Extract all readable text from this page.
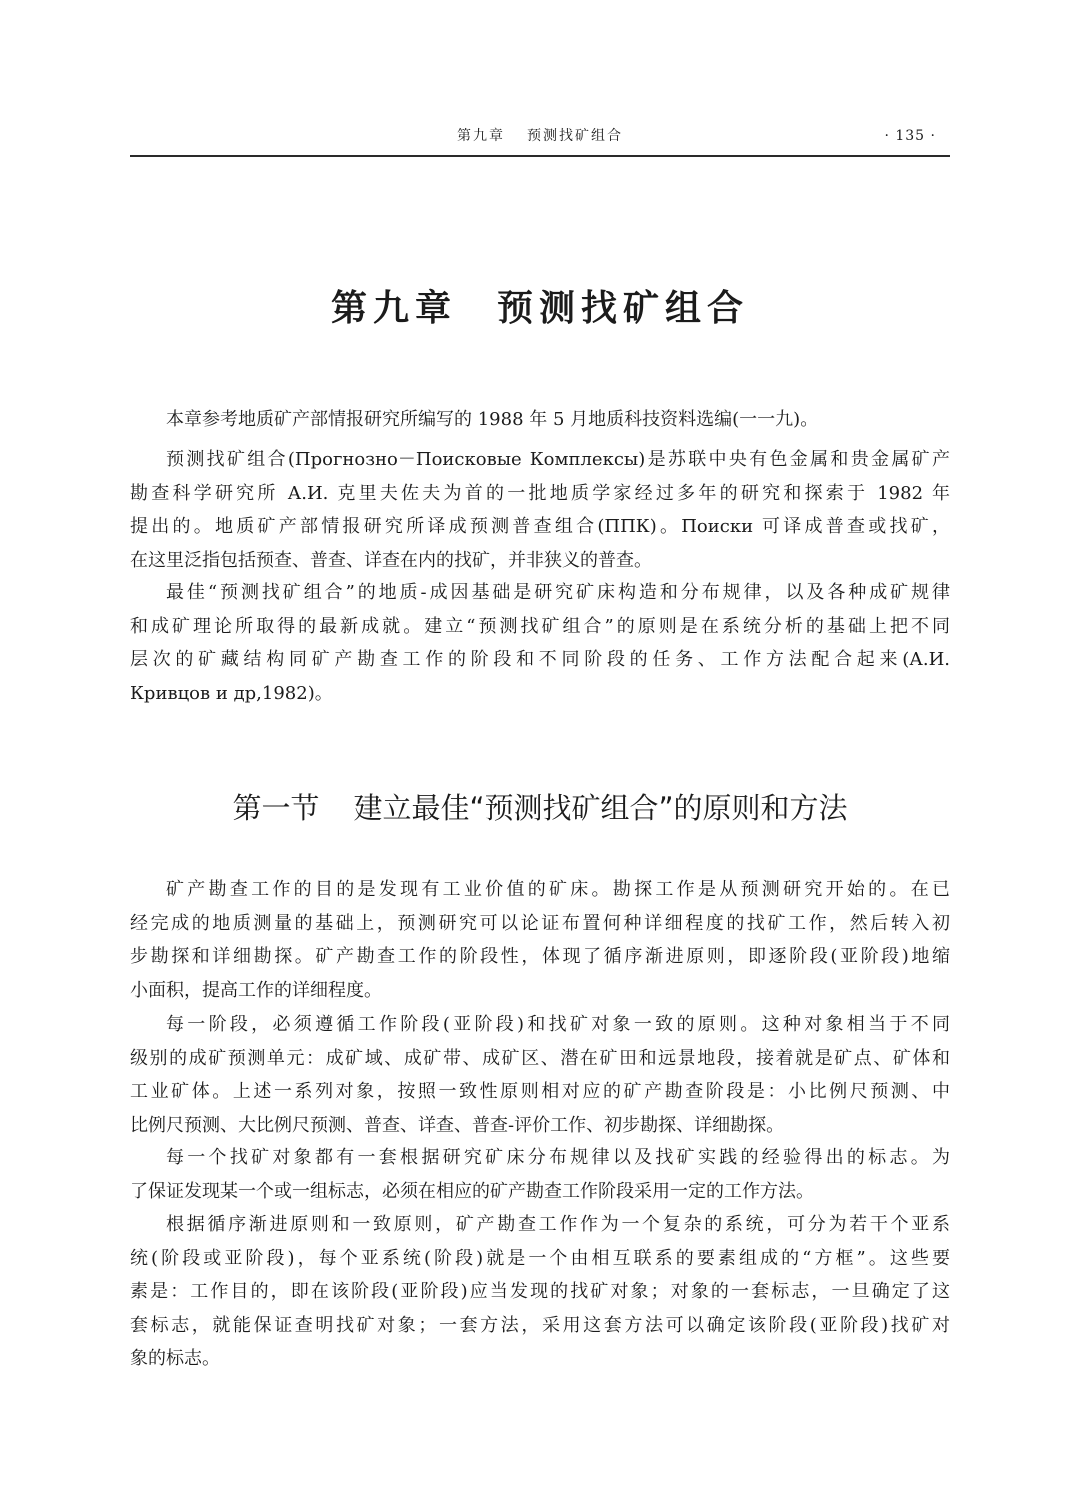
第九章 预测找矿组合	· 135 ·
第九章 预测找矿组合
本章参考地质矿产部情报研究所编写的 1988 年 5 月地质科技资料选编(一一九)。
预测找矿组合(Прогнозно－Поисковые Комплексы)是苏联中央有色金属和贵金属矿产
勘查科学研究所 А.И. 克里夫佐夫为首的一批地质学家经过多年的研究和探索于 1982 年
提出的。地质矿产部情报研究所译成预测普查组合(ППК)。Поиски 可译成普查或找矿，
在这里泛指包括预查、普查、详查在内的找矿，并非狭义的普查。
最佳“预测找矿组合”的地质-成因基础是研究矿床构造和分布规律，以及各种成矿规律
和成矿理论所取得的最新成就。建立“预测找矿组合”的原则是在系统分析的基础上把不同
层次的矿藏结构同矿产勘查工作的阶段和不同阶段的任务、工作方法配合起来(А.И.
Кривцов и др,1982)。
第一节 建立最佳“预测找矿组合”的原则和方法
矿产勘查工作的目的是发现有工业价值的矿床。勘探工作是从预测研究开始的。在已
经完成的地质测量的基础上，预测研究可以论证布置何种详细程度的找矿工作，然后转入初
步勘探和详细勘探。矿产勘查工作的阶段性，体现了循序渐进原则，即逐阶段(亚阶段)地缩
小面积，提高工作的详细程度。
每一阶段，必须遵循工作阶段(亚阶段)和找矿对象一致的原则。这种对象相当于不同
级别的成矿预测单元：成矿域、成矿带、成矿区、潜在矿田和远景地段，接着就是矿点、矿体和
工业矿体。上述一系列对象，按照一致性原则相对应的矿产勘查阶段是：小比例尺预测、中
比例尺预测、大比例尺预测、普查、详查、普查-评价工作、初步勘探、详细勘探。
每一个找矿对象都有一套根据研究矿床分布规律以及找矿实践的经验得出的标志。为
了保证发现某一个或一组标志，必须在相应的矿产勘查工作阶段采用一定的工作方法。
根据循序渐进原则和一致原则，矿产勘查工作作为一个复杂的系统，可分为若干个亚系
统(阶段或亚阶段)，每个亚系统(阶段)就是一个由相互联系的要素组成的“方框”。这些要
素是：工作目的，即在该阶段(亚阶段)应当发现的找矿对象；对象的一套标志，一旦确定了这
套标志，就能保证查明找矿对象；一套方法，采用这套方法可以确定该阶段(亚阶段)找矿对
象的标志。
